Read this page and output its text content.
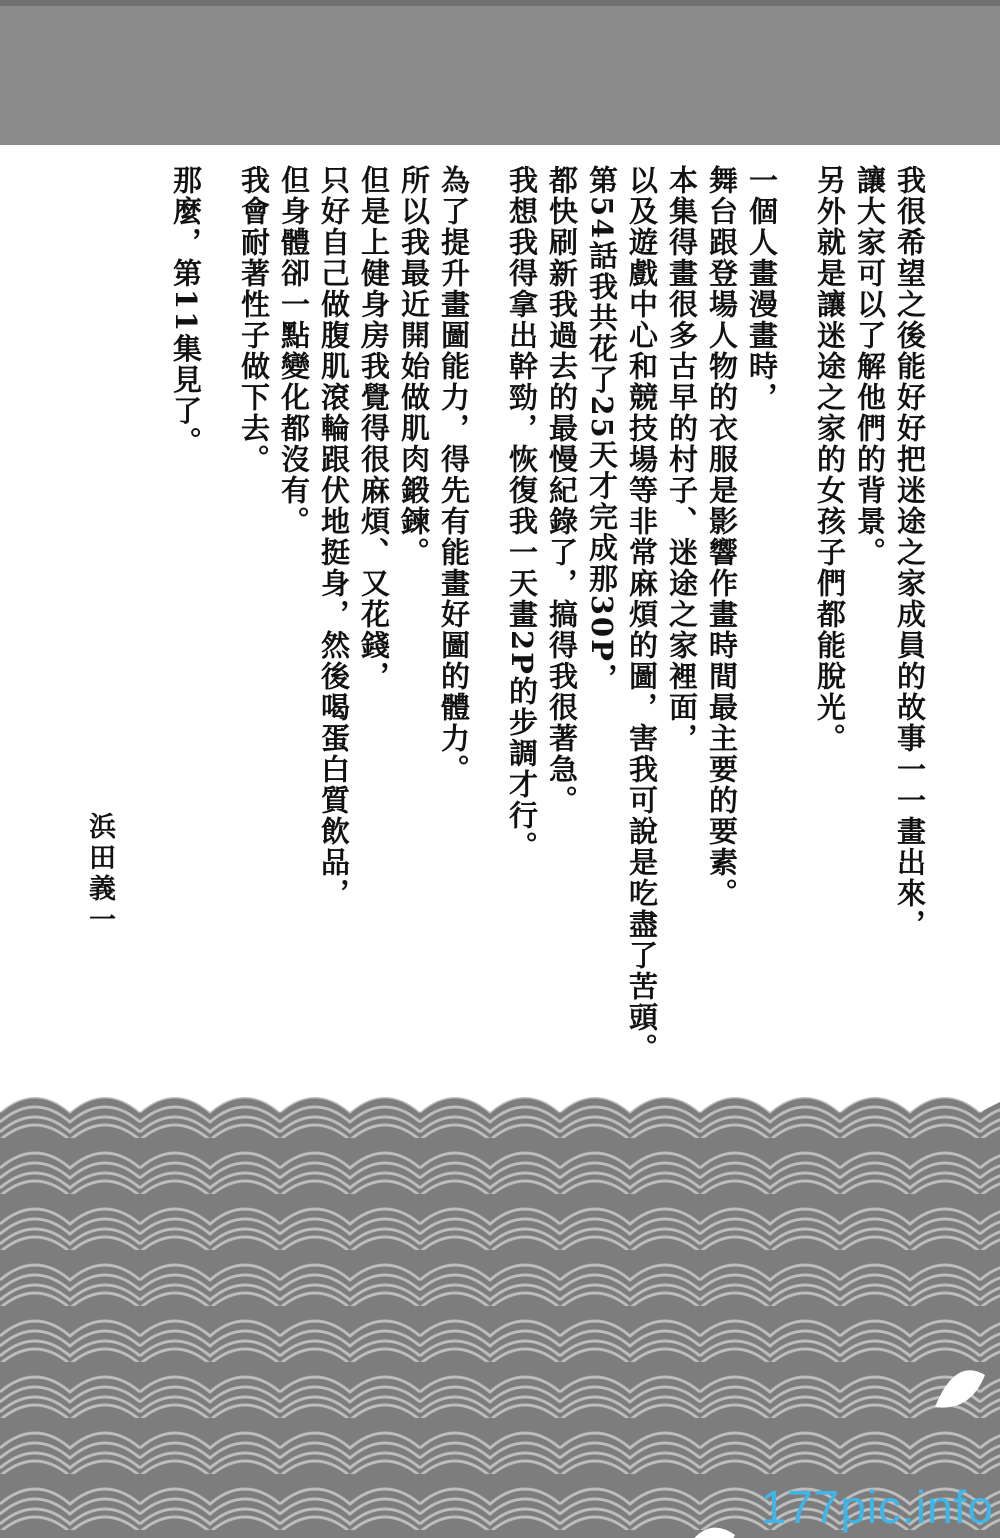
我很希望之後能好好把迷途之家成員的故事一一畫出來，
讓大家可以了解他們的背景。
另外就是讓迷途之家的女孩子們都能脫光。
一個人畫漫畫時，
舞台跟登場人物的衣服是影響作畫時間最主要的要素。
本集得畫很多古早的村子、迷途之家裡面，
以及遊戲中心和競技場等非常麻煩的圖，害我可說是吃盡了苦頭。
第54話我共花了25天才完成那30P，
都快刷新我過去的最慢紀錄了，搞得我很著急。
我想我得拿出幹勁，恢復我一天畫2P的步調才行。
為了提升畫圖能力，得先有能畫好圖的體力。
所以我最近開始做肌肉鍛鍊。
但是上健身房我覺得很麻煩、又花錢，
只好自己做腹肌滾輪跟伏地挺身，然後喝蛋白質飲品，
但身體卻一點變化都沒有。
我會耐著性子做下去。
那麼，第11集見了。
浜田義一
177pic.info
